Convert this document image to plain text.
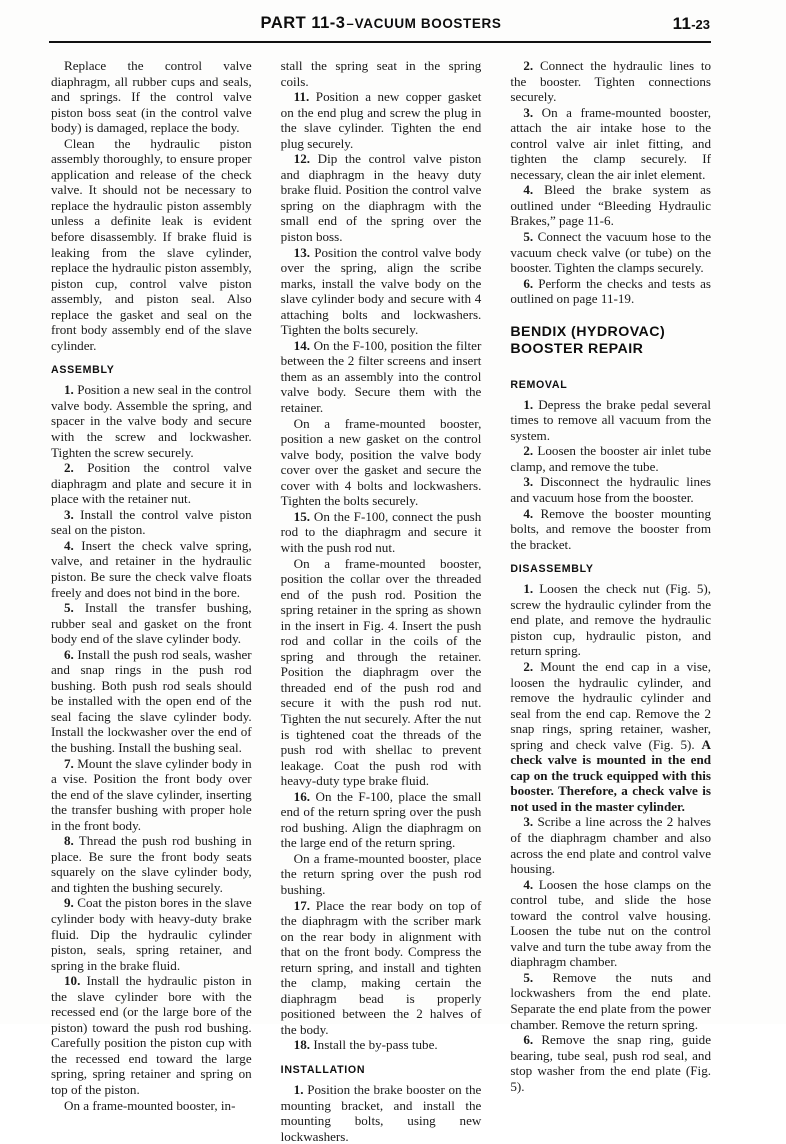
PART 11-3–VACUUM BOOSTERS	11-23

Replace the control valve diaphragm, all rubber cups and seals, and springs. If the control valve piston boss seat (in the control valve body) is damaged, replace the body.

Clean the hydraulic piston assembly thoroughly, to ensure proper application and release of the check valve. It should not be necessary to replace the hydraulic piston assembly unless a definite leak is evident before disassembly. If brake fluid is leaking from the slave cylinder, replace the hydraulic piston assembly, piston cup, control valve piston assembly, and piston seal. Also replace the gasket and seal on the front body assembly end of the slave cylinder.

ASSEMBLY

1. Position a new seal in the control valve body. Assemble the spring, and spacer in the valve body and secure with the screw and lockwasher. Tighten the screw securely.

2. Position the control valve diaphragm and plate and secure it in place with the retainer nut.

3. Install the control valve piston seal on the piston.

4. Insert the check valve spring, valve, and retainer in the hydraulic piston. Be sure the check valve floats freely and does not bind in the bore.

5. Install the transfer bushing, rubber seal and gasket on the front body end of the slave cylinder body.

6. Install the push rod seals, washer and snap rings in the push rod bushing. Both push rod seals should be installed with the open end of the seal facing the slave cylinder body. Install the lockwasher over the end of the bushing. Install the bushing seal.

7. Mount the slave cylinder body in a vise. Position the front body over the end of the slave cylinder, inserting the transfer bushing with proper hole in the front body.

8. Thread the push rod bushing in place. Be sure the front body seats squarely on the slave cylinder body, and tighten the bushing securely.

9. Coat the piston bores in the slave cylinder body with heavy-duty brake fluid. Dip the hydraulic cylinder piston, seals, spring retainer, and spring in the brake fluid.

10. Install the hydraulic piston in the slave cylinder bore with the recessed end (or the large bore of the piston) toward the push rod bushing. Carefully position the piston cup with the recessed end toward the large spring, spring retainer and spring on top of the piston.

On a frame-mounted booster, in-

stall the spring seat in the spring coils.

11. Position a new copper gasket on the end plug and screw the plug in the slave cylinder. Tighten the end plug securely.

12. Dip the control valve piston and diaphragm in the heavy duty brake fluid. Position the control valve spring on the diaphragm with the small end of the spring over the piston boss.

13. Position the control valve body over the spring, align the scribe marks, install the valve body on the slave cylinder body and secure with 4 attaching bolts and lockwashers. Tighten the bolts securely.

14. On the F-100, position the filter between the 2 filter screens and insert them as an assembly into the control valve body. Secure them with the retainer.

On a frame-mounted booster, position a new gasket on the control valve body, position the valve body cover over the gasket and secure the cover with 4 bolts and lockwashers. Tighten the bolts securely.

15. On the F-100, connect the push rod to the diaphragm and secure it with the push rod nut.

On a frame-mounted booster, position the collar over the threaded end of the push rod. Position the spring retainer in the spring as shown in the insert in Fig. 4. Insert the push rod and collar in the coils of the spring and through the retainer. Position the diaphragm over the threaded end of the push rod and secure it with the push rod nut. Tighten the nut securely. After the nut is tightened coat the threads of the push rod with shellac to prevent leakage. Coat the push rod with heavy-duty type brake fluid.

16. On the F-100, place the small end of the return spring over the push rod bushing. Align the diaphragm on the large end of the return spring.

On a frame-mounted booster, place the return spring over the push rod bushing.

17. Place the rear body on top of the diaphragm with the scriber mark on the rear body in alignment with that on the front body. Compress the return spring, and install and tighten the clamp, making certain the diaphragm bead is properly positioned between the 2 halves of the body.

18. Install the by-pass tube.

INSTALLATION

1. Position the brake booster on the mounting bracket, and install the mounting bolts, using new lockwashers.

2. Connect the hydraulic lines to the booster. Tighten connections securely.

3. On a frame-mounted booster, attach the air intake hose to the control valve air inlet fitting, and tighten the clamp securely. If necessary, clean the air inlet element.

4. Bleed the brake system as outlined under “Bleeding Hydraulic Brakes,” page 11-6.

5. Connect the vacuum hose to the vacuum check valve (or tube) on the booster. Tighten the clamps securely.

6. Perform the checks and tests as outlined on page 11-19.

BENDIX (HYDROVAC)
BOOSTER REPAIR
REMOVAL

1. Depress the brake pedal several times to remove all vacuum from the system.

2. Loosen the booster air inlet tube clamp, and remove the tube.

3. Disconnect the hydraulic lines and vacuum hose from the booster.

4. Remove the booster mounting bolts, and remove the booster from the bracket.

DISASSEMBLY

1. Loosen the check nut (Fig. 5), screw the hydraulic cylinder from the end plate, and remove the hydraulic piston cup, hydraulic piston, and return spring.

2. Mount the end cap in a vise, loosen the hydraulic cylinder, and remove the hydraulic cylinder and seal from the end cap. Remove the 2 snap rings, spring retainer, washer, spring and check valve (Fig. 5). A check valve is mounted in the end cap on the truck equipped with this booster. Therefore, a check valve is not used in the master cylinder.

3. Scribe a line across the 2 halves of the diaphragm chamber and also across the end plate and control valve housing.

4. Loosen the hose clamps on the control tube, and slide the hose toward the control valve housing. Loosen the tube nut on the control valve and turn the tube away from the diaphragm chamber.

5. Remove the nuts and lockwashers from the end plate. Separate the end plate from the power chamber. Remove the return spring.

6. Remove the snap ring, guide bearing, tube seal, push rod seal, and stop washer from the end plate (Fig. 5).
